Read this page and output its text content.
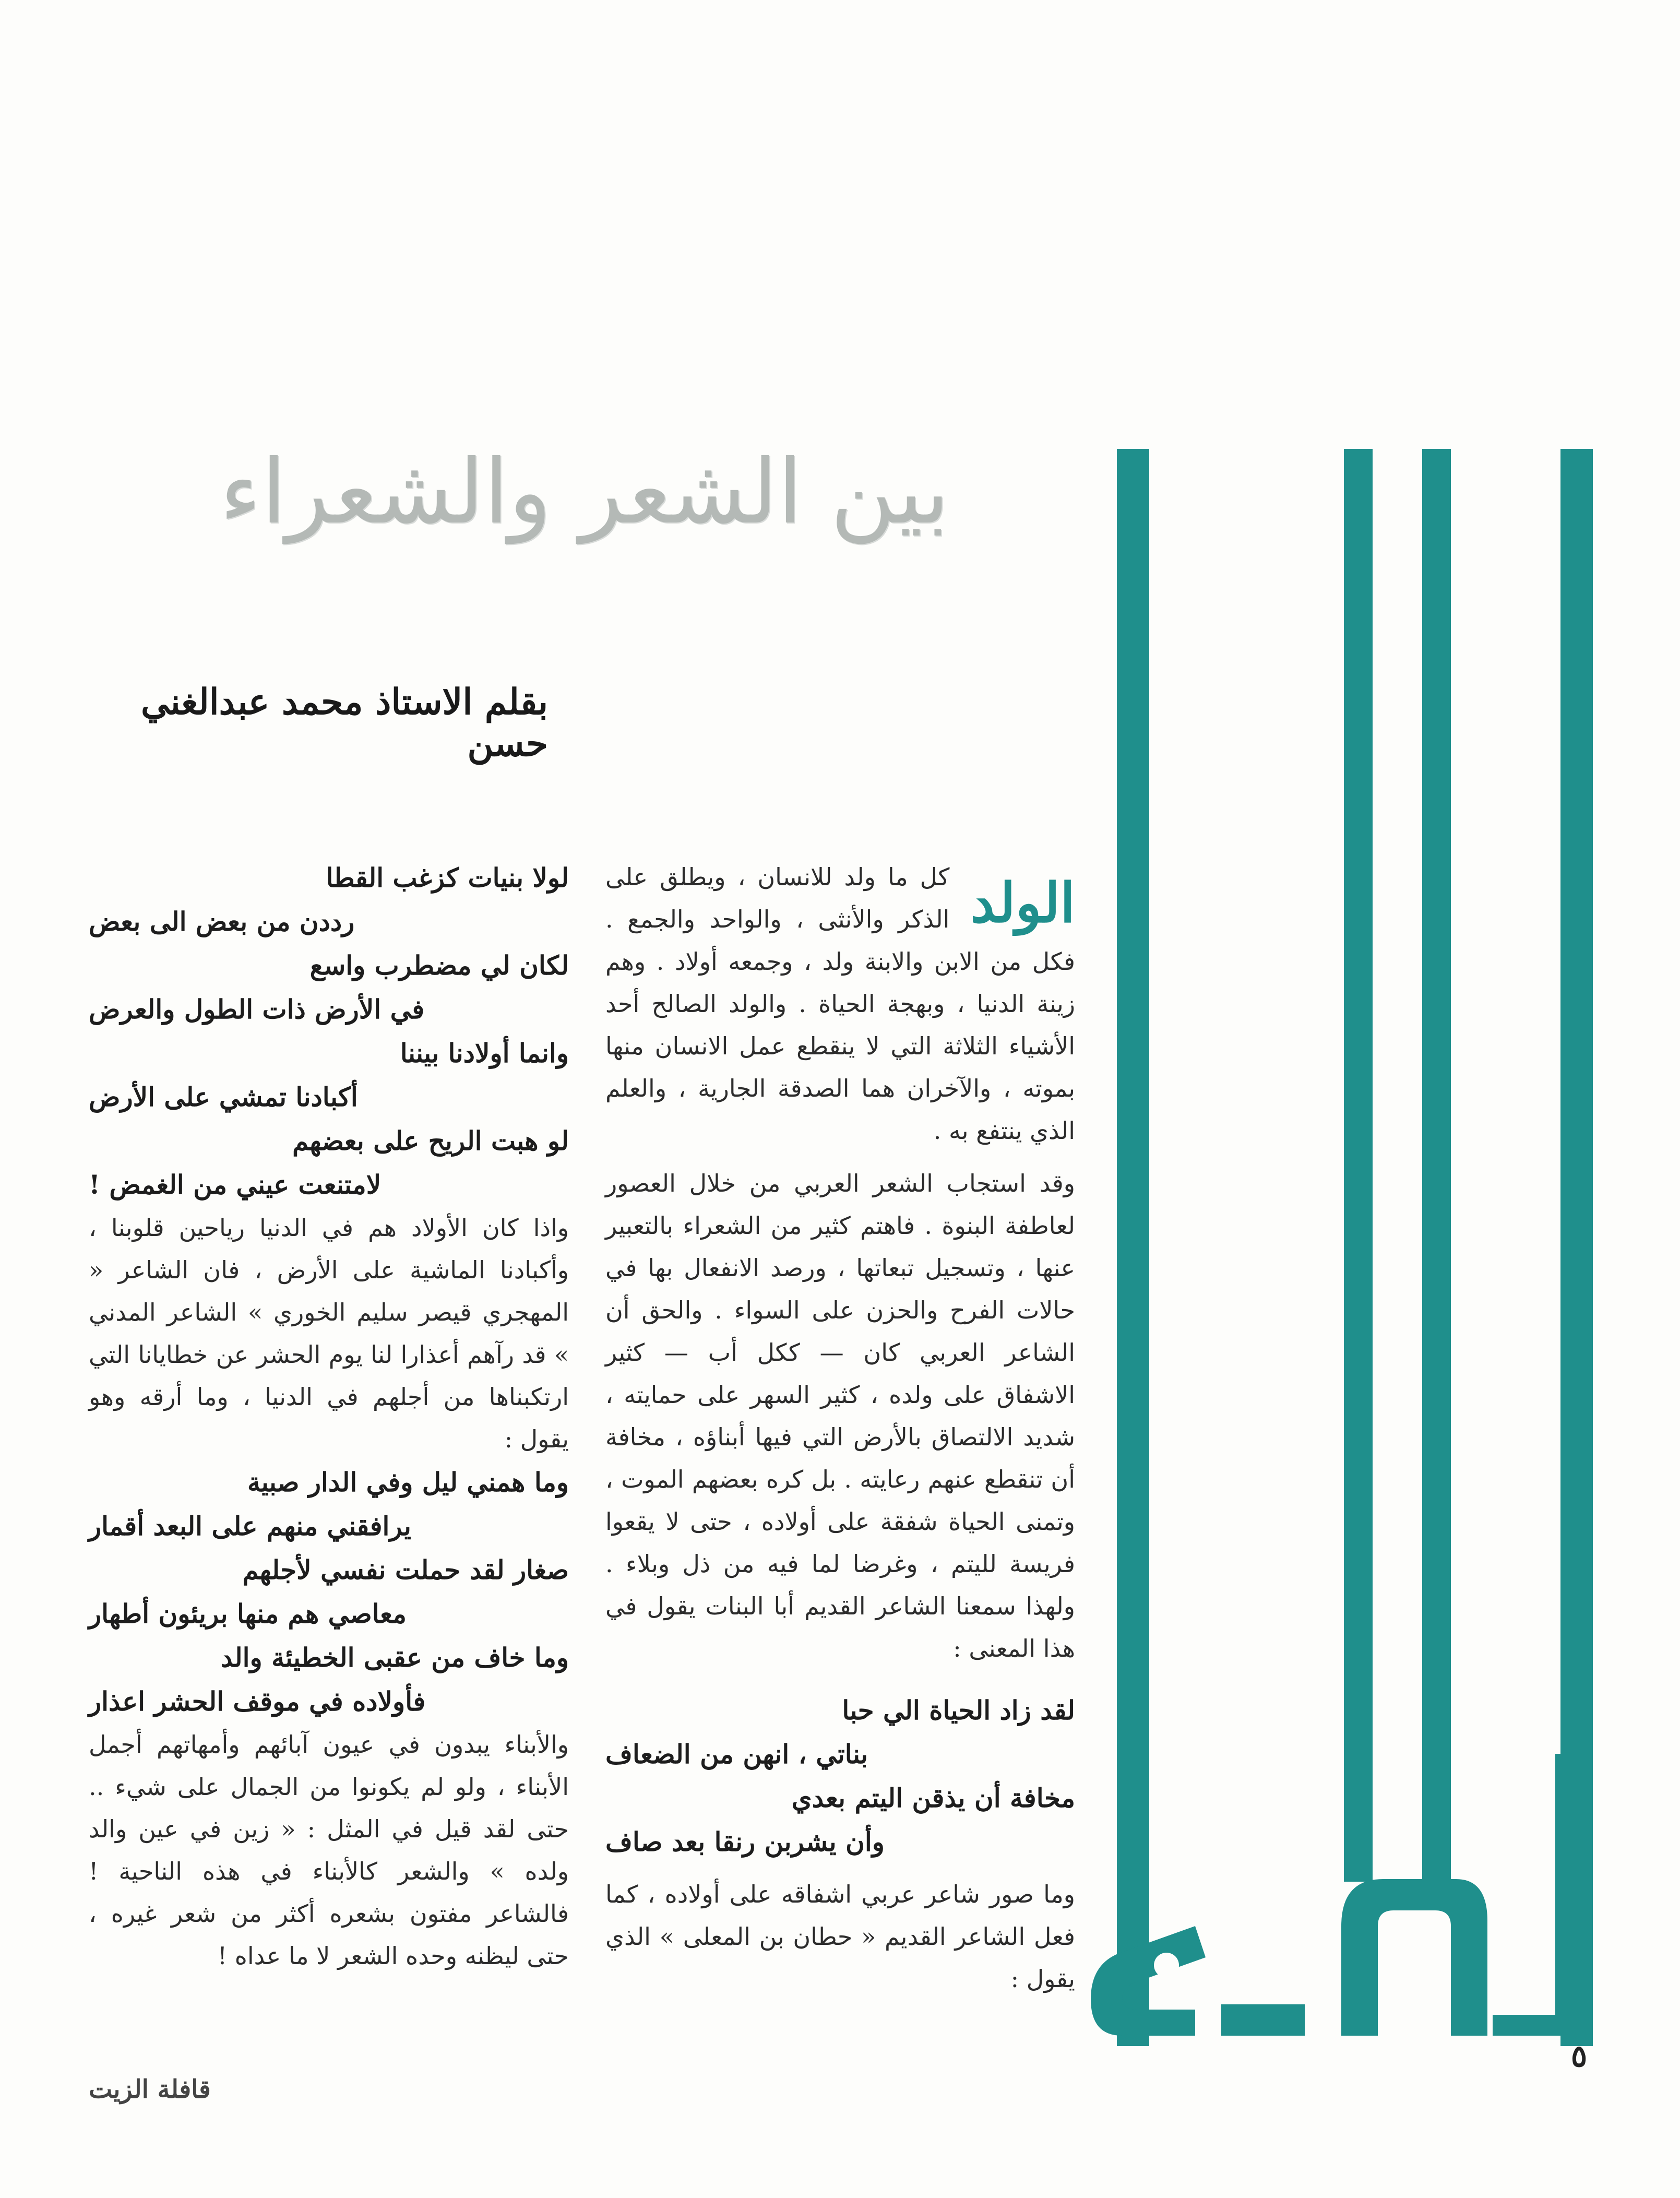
بين الشعر والشعراء
بقلم الاستاذ محمد عبدالغني حسن
الولد

كل ما ولد للانسان ، ويطلق على الذكر والأنثى ، والواحد والجمع . فكل من الابن والابنة ولد ، وجمعه أولاد . وهم زينة الدنيا ، وبهجة الحياة . والولد الصالح أحد الأشياء الثلاثة التي لا ينقطع عمل الانسان منها بموته ، والآخران هما الصدقة الجارية ، والعلم الذي ينتفع به .

وقد استجاب الشعر العربي من خلال العصور لعاطفة البنوة . فاهتم كثير من الشعراء بالتعبير عنها ، وتسجيل تبعاتها ، ورصد الانفعال بها في حالات الفرح والحزن على السواء . والحق أن الشاعر العربي كان — ككل أب — كثير الاشفاق على ولده ، كثير السهر على حمايته ، شديد الالتصاق بالأرض التي فيها أبناؤه ، مخافة أن تنقطع عنهم رعايته . بل كره بعضهم الموت ، وتمنى الحياة شفقة على أولاده ، حتى لا يقعوا فريسة لليتم ، وغرضا لما فيه من ذل وبلاء . ولهذا سمعنا الشاعر القديم أبا البنات يقول في هذا المعنى :

لقد زاد الحياة الي حبا

بناتي ، انهن من الضعاف

مخافة أن يذقن اليتم بعدي

وأن يشربن رنقا بعد صاف

وما صور شاعر عربي اشفاقه على أولاده ، كما فعل الشاعر القديم « حطان بن المعلى » الذي يقول :

لولا بنيات كزغب القطا

رددن من بعض الى بعض

لكان لي مضطرب واسع

في الأرض ذات الطول والعرض

وانما أولادنا بيننا

أكبادنا تمشي على الأرض

لو هبت الريح على بعضهم

لامتنعت عيني من الغمض !

واذا كان الأولاد هم في الدنيا رياحين قلوبنا ، وأكبادنا الماشية على الأرض ، فان الشاعر « المهجري قيصر سليم الخوري » الشاعر المدني » قد رآهم أعذارا لنا يوم الحشر عن خطايانا التي ارتكبناها من أجلهم في الدنيا ، وما أرقه وهو يقول :

وما همني ليل وفي الدار صبية

يرافقني منهم على البعد أقمار

صغار لقد حملت نفسي لأجلهم

معاصي هم منها بريئون أطهار

وما خاف من عقبى الخطيئة والد

فأولاده في موقف الحشر اعذار

والأبناء يبدون في عيون آبائهم وأمهاتهم أجمل الأبناء ، ولو لم يكونوا من الجمال على شيء .. حتى لقد قيل في المثل : « زين في عين والد ولده » والشعر كالأبناء في هذه الناحية ! فالشاعر مفتون بشعره أكثر من شعر غيره ، حتى ليظنه وحده الشعر لا ما عداه !

٥
قافلة الزيت
